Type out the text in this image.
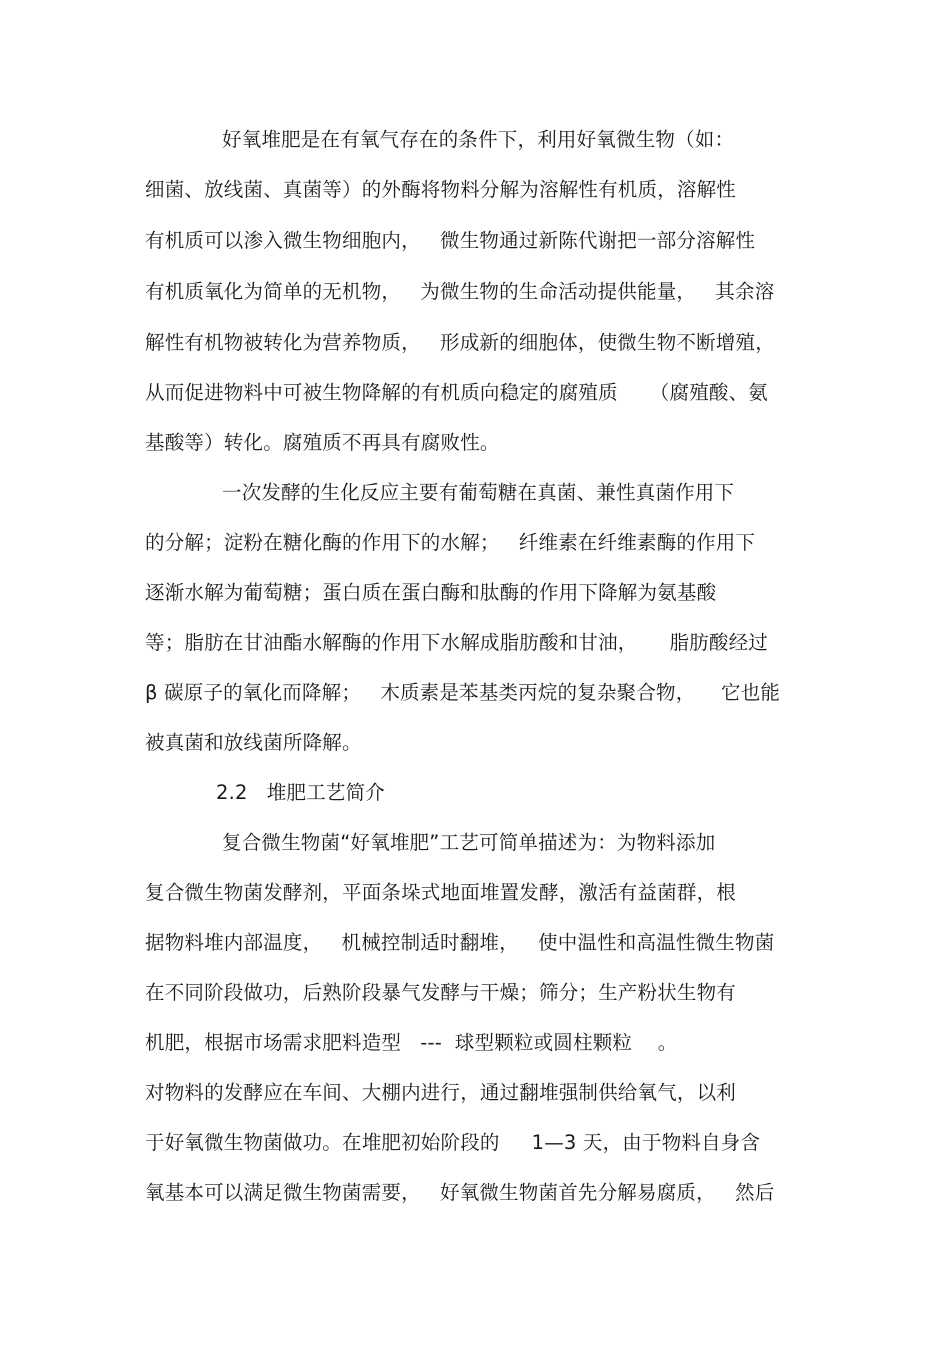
好氧堆肥是在有氧气存在的条件下，利用好氧微生物（如：
细菌、放线菌、真菌等）的外酶将物料分解为溶解性有机质，溶解性
有机质可以渗入微生物细胞内，   微生物通过新陈代谢把一部分溶解性
有机质氧化为简单的无机物，   为微生物的生命活动提供能量，   其余溶
解性有机物被转化为营养物质，   形成新的细胞体，使微生物不断增殖，
从而促进物料中可被生物降解的有机质向稳定的腐殖质     （腐殖酸、氨
基酸等）转化。腐殖质不再具有腐败性。
一次发酵的生化反应主要有葡萄糖在真菌、兼性真菌作用下
的分解；淀粉在糖化酶的作用下的水解；   纤维素在纤维素酶的作用下
逐渐水解为葡萄糖；蛋白质在蛋白酶和肽酶的作用下降解为氨基酸
等；脂肪在甘油酯水解酶的作用下水解成脂肪酸和甘油，     脂肪酸经过
β 碳原子的氧化而降解；   木质素是苯基类丙烷的复杂聚合物，    它也能
被真菌和放线菌所降解。
2.2   堆肥工艺简介
复合微生物菌“好氧堆肥”工艺可简单描述为：为物料添加
复合微生物菌发酵剂，平面条垛式地面堆置发酵，激活有益菌群，根
据物料堆内部温度，   机械控制适时翻堆，   使中温性和高温性微生物菌
在不同阶段做功，后熟阶段暴气发酵与干燥；筛分；生产粉状生物有
机肥，根据市场需求肥料造型   ---  球型颗粒或圆柱颗粒    。
对物料的发酵应在车间、大棚内进行，通过翻堆强制供给氧气，以利
于好氧微生物菌做功。在堆肥初始阶段的     1—3 天，由于物料自身含
氧基本可以满足微生物菌需要，   好氧微生物菌首先分解易腐质，   然后
